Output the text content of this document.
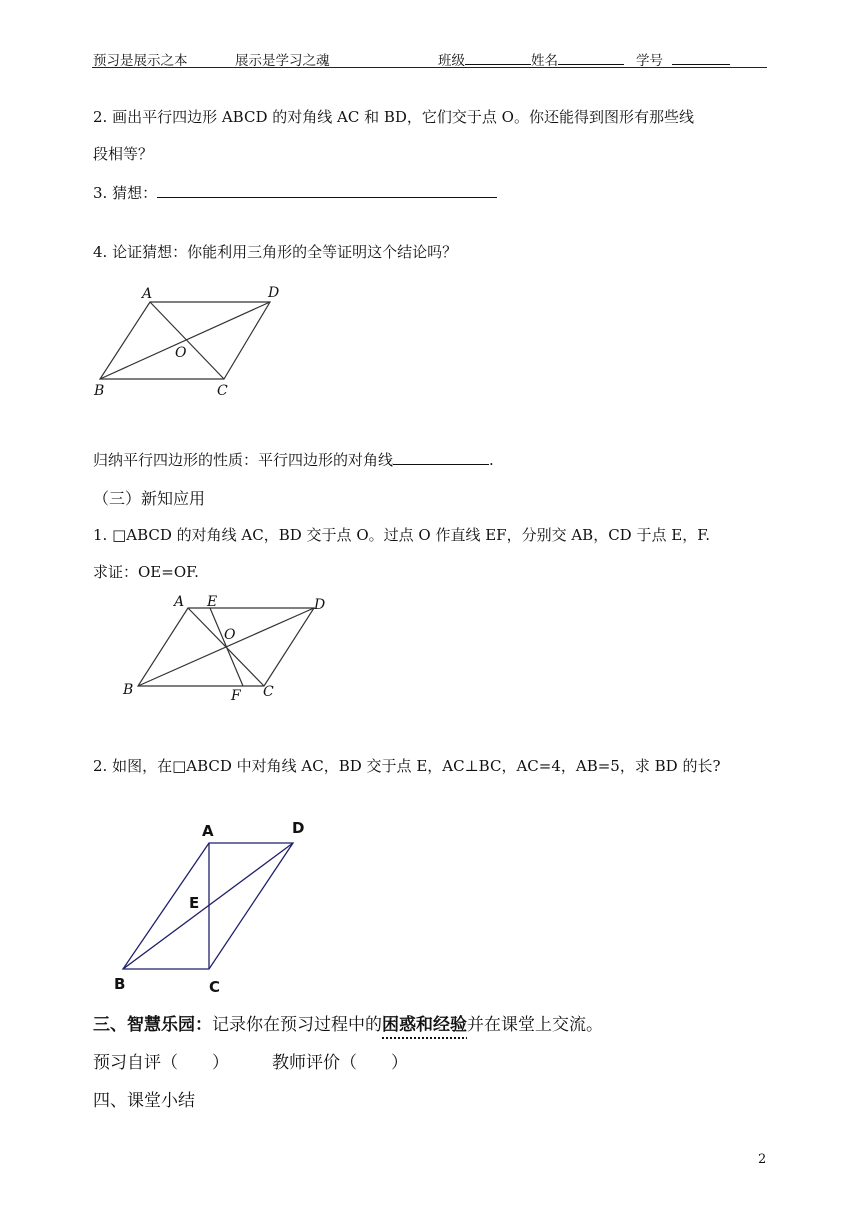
预习是展示之本	展示是学习之魂	班级	姓名	学号
2. 画出平行四边形 ABCD 的对角线 AC 和 BD，它们交于点 O。你还能得到图形有那些线
段相等？
3. 猜想：
4. 论证猜想：你能利用三角形的全等证明这个结论吗？
A	D
O
B	C
归纳平行四边形的性质：平行四边形的对角线	.
（三）新知应用
1. □ABCD 的对角线 AC，BD 交于点 O。过点 O 作直线 EF，分别交 AB，CD 于点 E，F.
求证：OE=OF.
A E	D
O
B	F C
2. 如图，在□ABCD 中对角线 AC，BD 交于点 E，AC⊥BC，AC=4，AB=5，求 BD 的长?
A	D
E
B	C
三、智慧乐园：记录你在预习过程中的困惑和经验并在课堂上交流。
预习自评（　　）	教师评价（　　）
四、课堂小结
2
